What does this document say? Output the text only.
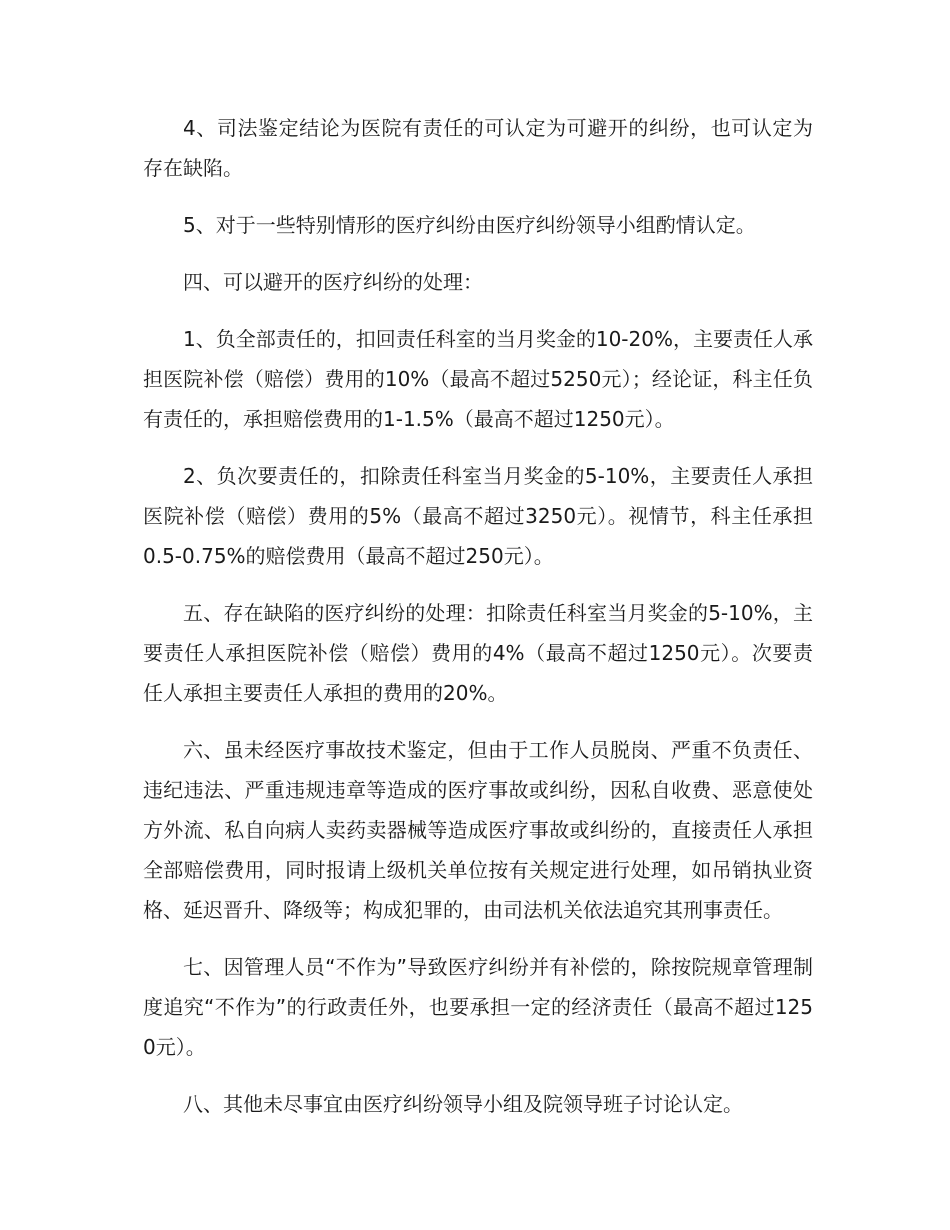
4、司法鉴定结论为医院有责任的可认定为可避开的纠纷，也可认定为存在缺陷。

5、对于一些特别情形的医疗纠纷由医疗纠纷领导小组酌情认定。

四、可以避开的医疗纠纷的处理：

1、负全部责任的，扣回责任科室的当月奖金的10-20%，主要责任人承担医院补偿（赔偿）费用的10%（最高不超过5250元）；经论证，科主任负有责任的，承担赔偿费用的1-1.5%（最高不超过1250元）。

2、负次要责任的，扣除责任科室当月奖金的5-10%，主要责任人承担医院补偿（赔偿）费用的5%（最高不超过3250元）。视情节，科主任承担0.5-0.75%的赔偿费用（最高不超过250元）。

五、存在缺陷的医疗纠纷的处理：扣除责任科室当月奖金的5-10%，主要责任人承担医院补偿（赔偿）费用的4%（最高不超过1250元）。次要责任人承担主要责任人承担的费用的20%。

六、虽未经医疗事故技术鉴定，但由于工作人员脱岗、严重不负责任、违纪违法、严重违规违章等造成的医疗事故或纠纷，因私自收费、恶意使处方外流、私自向病人卖药卖器械等造成医疗事故或纠纷的，直接责任人承担全部赔偿费用，同时报请上级机关单位按有关规定进行处理，如吊销执业资格、延迟晋升、降级等；构成犯罪的，由司法机关依法追究其刑事责任。

七、因管理人员“不作为”导致医疗纠纷并有补偿的，除按院规章管理制度追究“不作为”的行政责任外，也要承担一定的经济责任（最高不超过1250元）。

八、其他未尽事宜由医疗纠纷领导小组及院领导班子讨论认定。
